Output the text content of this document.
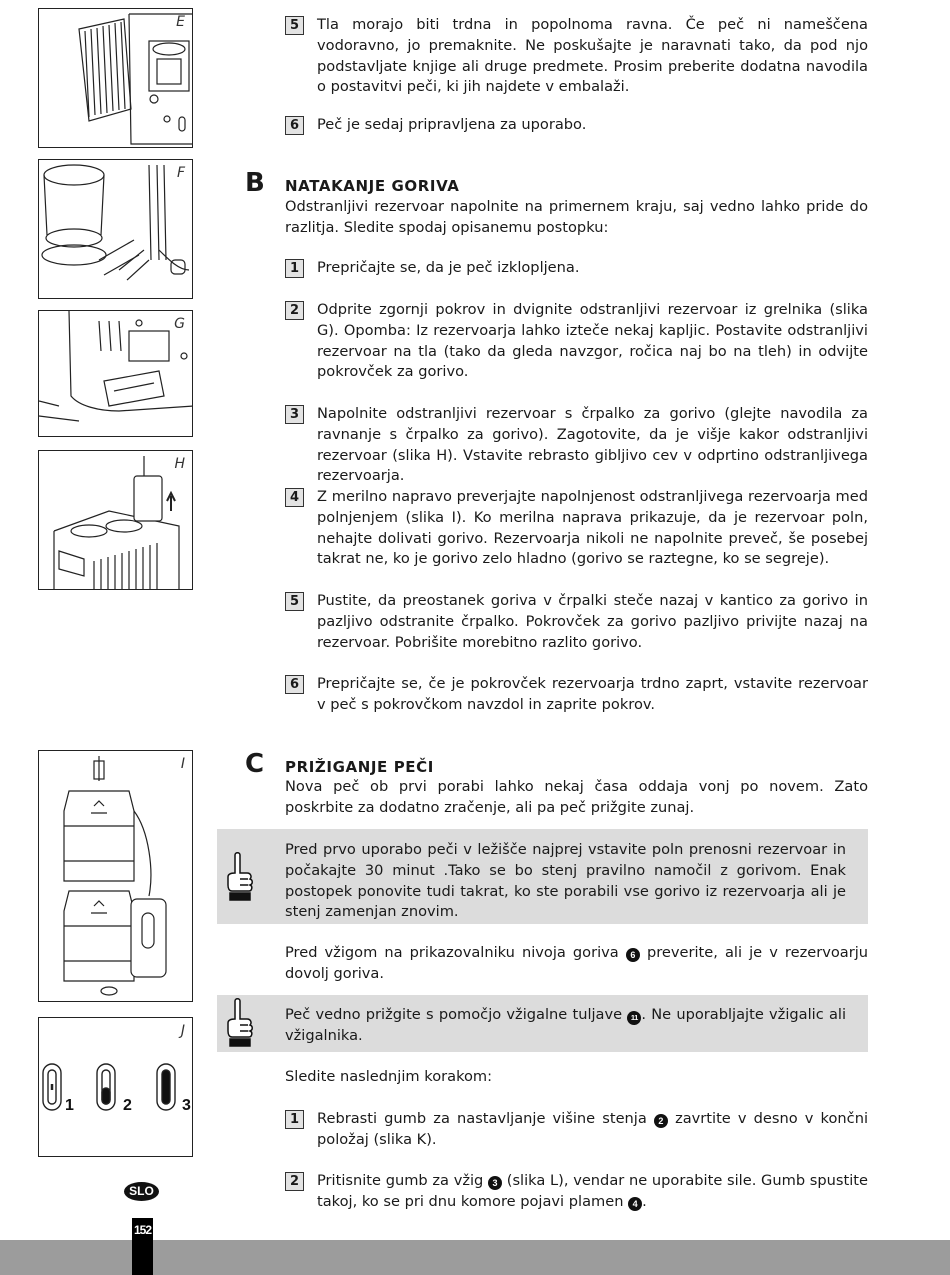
E
F
G
H
I
1	2	3
J
5	Tla morajo biti trdna in popolnoma ravna. Če peč ni nameščena vodoravno, jo premaknite. Ne poskušajte je naravnati tako, da pod njo podstavljate knjige ali druge predmete. Prosim preberite dodatna navodila o postavitvi peči, ki jih najdete v embalaži.
6	Peč je sedaj pripravljena za uporabo.
B NATAKANJE GORIVA
Odstranljivi rezervoar napolnite na primernem kraju, saj vedno lahko pride do razlitja. Sledite spodaj opisanemu postopku:
1	Prepričajte se, da je peč izklopljena.
2	Odprite zgornji pokrov in dvignite odstranljivi rezervoar iz grelnika (slika G). Opomba: Iz rezervoarja lahko izteče nekaj kapljic. Postavite odstranljivi rezervoar na tla (tako da gleda navzgor, ročica naj bo na tleh) in odvijte pokrovček za gorivo.
3	Napolnite odstranljivi rezervoar s črpalko za gorivo (glejte navodila za ravnanje s črpalko za gorivo). Zagotovite, da je višje kakor odstranljivi rezervoar (slika H). Vstavite rebrasto gibljivo cev v odprtino odstranljivega rezervoarja.
4	Z merilno napravo preverjajte napolnjenost odstranljivega rezervoarja med polnjenjem (slika I). Ko merilna naprava prikazuje, da je rezervoar poln, nehajte dolivati gorivo. Rezervoarja nikoli ne napolnite preveč, še posebej takrat ne, ko je gorivo zelo hladno (gorivo se raztegne, ko se segreje).
5	Pustite, da preostanek goriva v črpalki steče nazaj v kantico za gorivo in pazljivo odstranite črpalko. Pokrovček za gorivo pazljivo privijte nazaj na rezervoar. Pobrišite morebitno razlito gorivo.
6	Prepričajte se, če je pokrovček rezervoarja trdno zaprt, vstavite rezervoar v peč s pokrovčkom navzdol in zaprite pokrov.
C PRIŽIGANJE PEČI
Nova peč ob prvi porabi lahko nekaj časa oddaja vonj po novem. Zato poskrbite za dodatno zračenje, ali pa peč prižgite zunaj.
Pred prvo uporabo peči v ležišče najprej vstavite poln prenosni rezervoar in počakajte 30 minut .Tako se bo stenj pravilno namočil z gorivom. Enak postopek ponovite tudi takrat, ko ste porabili vse gorivo iz rezervoarja ali je stenj zamenjan znovim.
Pred vžigom na prikazovalniku nivoja goriva 6 preverite, ali je v rezervoarju dovolj goriva.
Peč vedno prižgite s pomočjo vžigalne tuljave 11 . Ne uporabljajte vžigalic ali vžigalnika.
Sledite naslednjim korakom:
1	Rebrasti gumb za nastavljanje višine stenja 2 zavrtite v desno v končni položaj (slika K).
2	Pritisnite gumb za vžig 3 (slika L), vendar ne uporabite sile. Gumb spustite takoj, ko se pri dnu komore pojavi plamen 4 .
SLO
152
